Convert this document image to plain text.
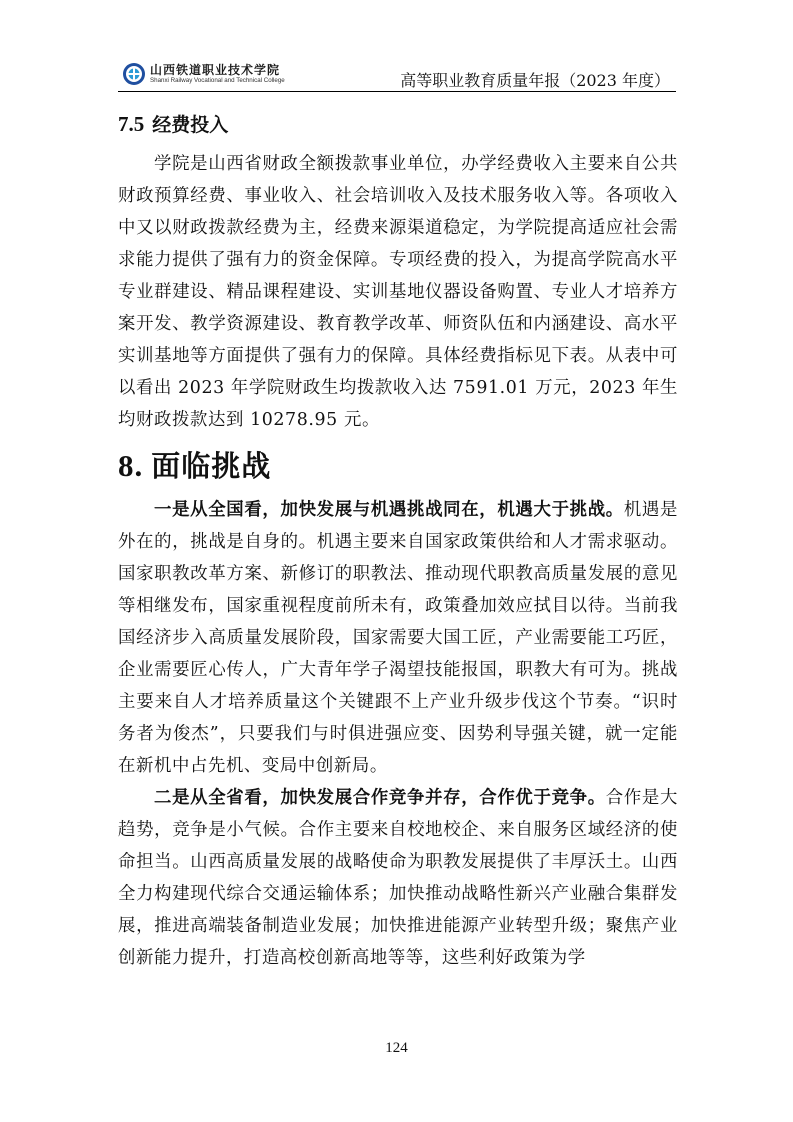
山西铁道职业技术学院
Shanxi Railway Vocational and Technical College	高等职业教育质量年报（2023 年度）
7.5 经费投入

学院是山西省财政全额拨款事业单位，办学经费收入主要来自公共财政预算经费、事业收入、社会培训收入及技术服务收入等。各项收入中又以财政拨款经费为主，经费来源渠道稳定，为学院提高适应社会需求能力提供了强有力的资金保障。专项经费的投入，为提高学院高水平专业群建设、精品课程建设、实训基地仪器设备购置、专业人才培养方案开发、教学资源建设、教育教学改革、师资队伍和内涵建设、高水平实训基地等方面提供了强有力的保障。具体经费指标见下表。从表中可以看出 2023 年学院财政生均拨款收入达 7591.01 万元，2023 年生均财政拨款达到 10278.95 元。

8. 面临挑战

一是从全国看，加快发展与机遇挑战同在，机遇大于挑战。机遇是外在的，挑战是自身的。机遇主要来自国家政策供给和人才需求驱动。国家职教改革方案、新修订的职教法、推动现代职教高质量发展的意见等相继发布，国家重视程度前所未有，政策叠加效应拭目以待。当前我国经济步入高质量发展阶段，国家需要大国工匠，产业需要能工巧匠，企业需要匠心传人，广大青年学子渴望技能报国，职教大有可为。挑战主要来自人才培养质量这个关键跟不上产业升级步伐这个节奏。“识时务者为俊杰”，只要我们与时俱进强应变、因势利导强关键，就一定能在新机中占先机、变局中创新局。

二是从全省看，加快发展合作竞争并存，合作优于竞争。合作是大趋势，竞争是小气候。合作主要来自校地校企、来自服务区域经济的使命担当。山西高质量发展的战略使命为职教发展提供了丰厚沃土。山西全力构建现代综合交通运输体系；加快推动战略性新兴产业融合集群发展，推进高端装备制造业发展；加快推进能源产业转型升级；聚焦产业创新能力提升，打造高校创新高地等等，这些利好政策为学

124
